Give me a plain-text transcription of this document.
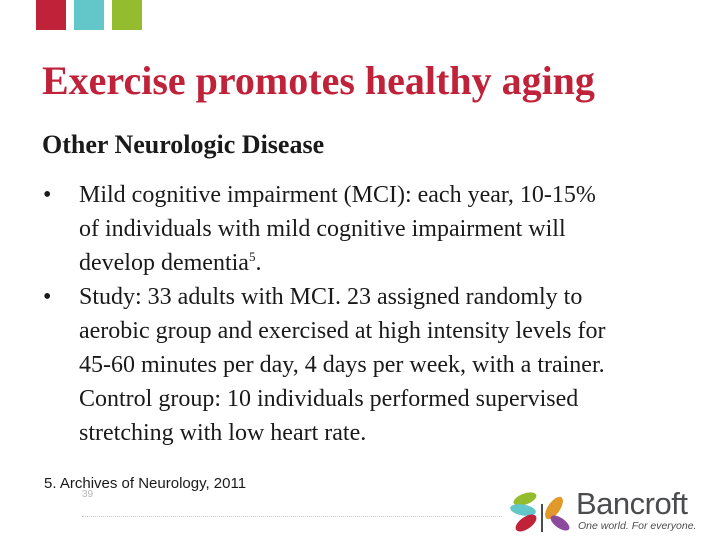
Exercise promotes healthy aging
Other Neurologic Disease
• Mild cognitive impairment (MCI): each year, 10-15%
of individuals with mild cognitive impairment will
develop dementia$^5$.
• Study: 33 adults with MCI. 23 assigned randomly to
aerobic group and exercised at high intensity levels for
45-60 minutes per day, 4 days per week, with a trainer.
Control group: 10 individuals performed supervised
stretching with low heart rate.
39
5. Archives of Neurology, 2011
Bancroft
One world. For everyone.
